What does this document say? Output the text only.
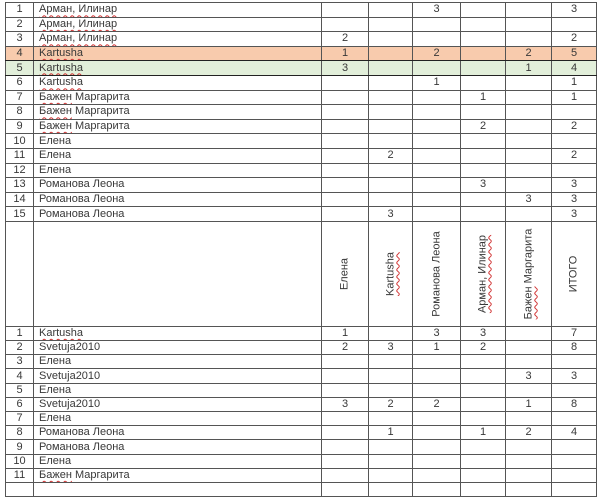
1	Арман, Илинар			3			3
2	Арман, Илинар						
3	Арман, Илинар	2					2
4	Kartusha	1		2		2	5
5	Kartusha	3				1	4
6	Kartusha			1			1
7	Бажен Маргарита				1		1
8	Бажен Маргарита						
9	Бажен Маргарита				2		2
10	Елена						
11	Елена		2				2
12	Елена						
13	Романова Леона				3		3
14	Романова Леона					3	3
15	Романова Леона		3				3

		Елена	Kartusha	Романова Леона	Арман, Илинар	Бажен Маргарита	ИТОГО

1	Kartusha	1		3	3		7
2	Svetuja2010	2	3	1	2		8
3	Елена						
4	Svetuja2010					3	3
5	Елена						
6	Svetuja2010	3	2	2		1	8
7	Елена						
8	Романова Леона		1		1	2	4
9	Романова Леона						
10	Елена						
11	Бажен Маргарита						
